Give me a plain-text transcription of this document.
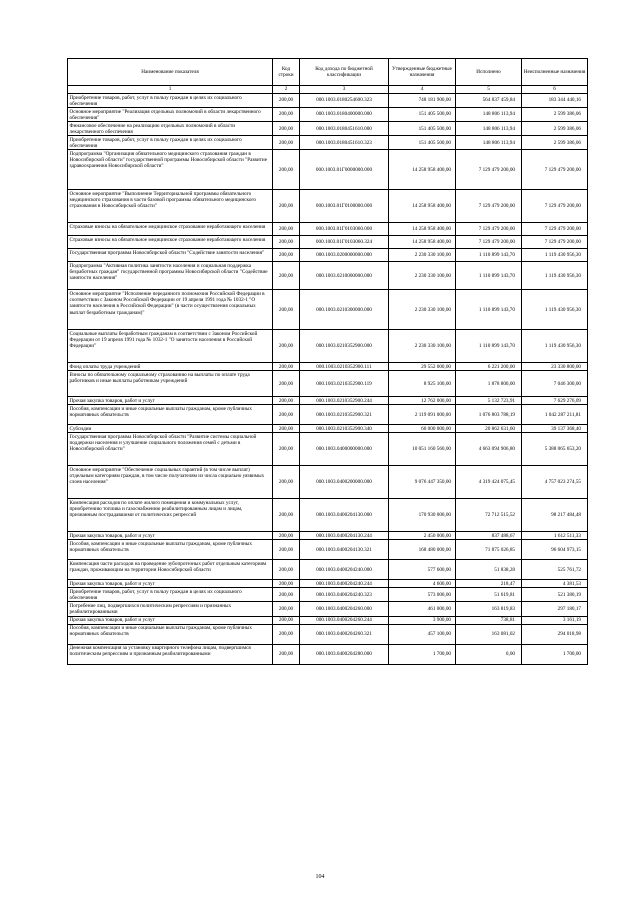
Наименование показателя	Код строки	Код дохода по бюджетной классификации	Утвержденные бюджетные назначения	Исполнено	Неисполненные назначения
1	2	3	4	5	6
Приобретение товаров, работ, услуг в пользу граждан в целях их социального обеспечения	200,00	000.1003.0180254600.323	748 181 900,00	564 837 459,84	183 344 440,16
Основное мероприятие "Реализация отдельных полномочий в области лекарственного обеспечения"	200,00	000.1003.0180400000.000	151 405 500,00	148 806 113,94	2 599 386,06
Финансовое обеспечение на реализацию отдельных полномочий в области лекарственного обеспечения	200,00	000.1003.0180451610.000	151 405 500,00	148 806 113,94	2 599 386,06
Приобретение товаров, работ, услуг в пользу граждан в целях их социального обеспечения	200,00	000.1003.0180451610.323	151 405 500,00	148 806 113,94	2 599 386,06
Подпрограмма "Организация обязательного медицинского страхования граждан в Новосибирской области" государственной программы Новосибирской области "Развитие здравоохранения Новосибирской области"	200,00	000.1003.01Г0000000.000	14 258 958 400,00	7 129 479 200,00	7 129 479 200,00
Основное мероприятие "Выполнение Территориальной программы обязательного медицинского страхования в части базовой программы обязательного медицинского страхования в Новосибирской области"	200,00	000.1003.01Г0100000.000	14 258 958 400,00	7 129 479 200,00	7 129 479 200,00
Страховые взносы на обязательное медицинское страхование неработающего населения	200,00	000.1003.01Г0103060.000	14 258 958 400,00	7 129 479 200,00	7 129 479 200,00
Страховые взносы на обязательное медицинское страхование неработающего населения	200,00	000.1003.01Г0103060.324	14 258 958 400,00	7 129 479 200,00	7 129 479 200,00
Государственная программа Новосибирской области "Содействие занятости населения"	200,00	000.1003.0200000000.000	2 230 330 100,00	1 110 899 143,70	1 119 430 956,30
Подпрограмма "Активная политика занятости населения и социальная поддержка безработных граждан" государственной программы Новосибирской области "Содействие занятости населения"	200,00	000.1003.0210000000.000	2 230 330 100,00	1 110 899 143,70	1 119 430 956,30
Основное мероприятие "Исполнение переданного полномочия Российской Федерации в соответствии с Законом Российской Федерации от 19 апреля 1991 года № 1032-1 "О занятости населения в Российской Федерации" (в части осуществления социальных выплат безработным гражданам)"	200,00	000.1003.0210300000.000	2 230 330 100,00	1 110 899 143,70	1 119 430 956,30
Социальные выплаты безработным гражданам в соответствии с Законом Российской Федерации от 19 апреля 1991 года № 1032-1 "О занятости населения в Российской Федерации"	200,00	000.1003.0210352900.000	2 230 330 100,00	1 110 899 143,70	1 119 430 956,30
Фонд оплаты труда учреждений	200,00	000.1003.0210352900.111	29 552 000,00	6 221 200,00	23 330 800,00
Взносы по обязательному социальному страхованию на выплаты по оплате труда работников и иные выплаты работникам учреждений	200,00	000.1003.0210352900.119	8 925 100,00	1 878 800,00	7 046 300,00
Прочая закупка товаров, работ и услуг	200,00	000.1003.0210352900.244	12 762 000,00	5 132 723,91	7 629 276,09
Пособия, компенсации и иные социальные выплаты гражданам, кроме публичных нормативных обязательств	200,00	000.1003.0210352900.321	2 119 091 000,00	1 076 803 788,19	1 042 287 211,81
Субсидии	200,00	000.1003.0210352900.340	60 000 000,00	20 862 631,60	39 137 368,40
Государственная программа Новосибирской области "Развитие системы социальной поддержки населения и улучшение социального положения семей с детьми в Новосибирской области"	200,00	000.1003.0400000000.000	10 051 160 560,00	4 663 094 906,80	5 388 065 653,20
Основное мероприятие "Обеспечение социальных гарантий (в том числе выплат) отдельным категориям граждан, в том числе получателям из числа социально уязвимых слоев населения"	200,00	000.1003.0400200000.000	9 076 447 350,00	4 319 424 075,45	4 757 023 274,55
Компенсация расходов по оплате жилого помещения и коммунальных услуг, приобретению топлива и газоснабжению реабилитированным лицам и лицам, признанным пострадавшими от политических репрессий	200,00	000.1003.0400204130.000	170 930 000,00	72 712 515,52	98 217 484,48
Прочая закупка товаров, работ и услуг	200,00	000.1003.0400204130.244	2 450 000,00	837 488,67	1 612 511,33
Пособия, компенсации и иные социальные выплаты гражданам, кроме публичных нормативных обязательств	200,00	000.1003.0400204130.321	168 480 000,00	71 875 026,85	96 604 973,15
Компенсация части расходов на проведение зубопротезных работ отдельным категориям граждан, проживающим на территории Новосибирской области	200,00	000.1003.0400204240.000	577 600,00	51 838,28	525 761,72
Прочая закупка товаров, работ и услуг	200,00	000.1003.0400204240.244	4 600,00	218,47	4 381,53
Приобретение товаров, работ, услуг в пользу граждан в целях их социального обеспечения	200,00	000.1003.0400204240.323	573 000,00	51 619,81	521 380,19
Погребение лиц, подвергшихся политическим репрессиям и признанных реабилитированными	200,00	000.1003.0400204260.000	461 000,00	163 819,83	297 180,17
Прочая закупка товаров, работ и услуг	200,00	000.1003.0400204260.244	3 900,00	738,81	3 161,19
Пособия, компенсации и иные социальные выплаты гражданам, кроме публичных нормативных обязательств	200,00	000.1003.0400204260.321	457 100,00	163 081,02	294 018,98
Денежная компенсация за установку квартирного телефона лицам, подвергшимся политическим репрессиям и признанным реабилитированными	200,00	000.1003.0400204280.000	1 700,00	0,00	1 700,00
104
